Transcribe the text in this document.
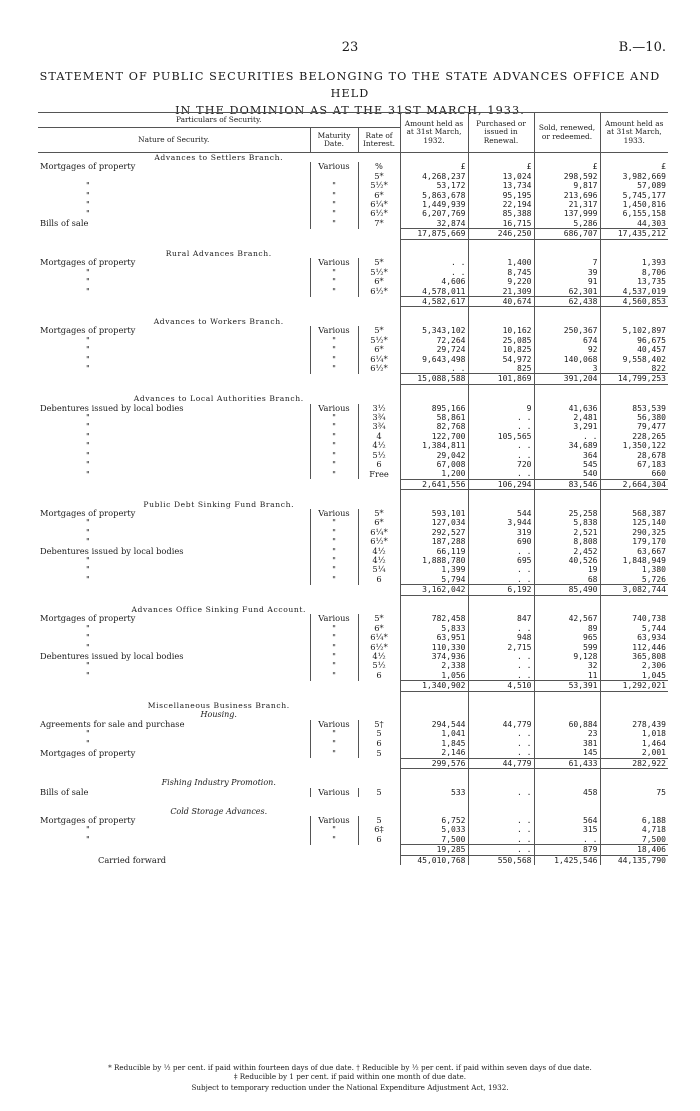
23	B.—10.
STATEMENT OF PUBLIC SECURITIES BELONGING TO THE STATE ADVANCES OFFICE AND HELD
IN THE DOMINION AS AT THE 31ST MARCH, 1933.
Particulars of Security.			Amount held as at 31st March, 1932.	Purchased or issued in Renewal.	Sold, renewed, or redeemed.	Amount held as at 31st March, 1933.
Nature of Security.	Maturity Date.	Rate of Interest.				
Advances to Settlers Branch.						
Mortgages of property	Various	%	£	£	£	£
		5*	4,268,237	13,024	298,592	3,982,669
"	"	5½*	53,172	13,734	9,817	57,089
"	"	6*	5,863,678	95,195	213,696	5,745,177
"	"	6¼*	1,449,939	22,194	21,317	1,450,816
"	"	6½*	6,207,769	85,388	137,999	6,155,158
Bills of sale	"	7*	32,874	16,715	5,286	44,303
			17,875,669	246,250	686,707	17,435,212

Rural Advances Branch.						
Mortgages of property	Various	5*	. .	1,400	7	1,393
"	"	5½*	. .	8,745	39	8,706
"	"	6*	4,606	9,220	91	13,735
"	"	6½*	4,578,011	21,309	62,301	4,537,019
			4,582,617	40,674	62,438	4,560,853

Advances to Workers Branch.						
Mortgages of property	Various	5*	5,343,102	10,162	250,367	5,102,897
"	"	5½*	72,264	25,085	674	96,675
"	"	6*	29,724	10,825	92	40,457
"	"	6¼*	9,643,498	54,972	140,068	9,558,402
"	"	6½*	. .	825	3	822
			15,088,588	101,869	391,204	14,799,253

Advances to Local Authorities Branch.						
Debentures issued by local bodies	Various	3½	895,166	9	41,636	853,539
"	"	3¾	58,861	. .	2,481	56,380
"	"	3¾	82,768	. .	3,291	79,477
"	"	4	122,700	105,565	. .	228,265
"	"	4½	1,384,811	. .	34,689	1,350,122
"	"	5½	29,042	. .	364	28,678
"	"	6	67,008	720	545	67,183
"	"	Free	1,200	. .	540	660
			2,641,556	106,294	83,546	2,664,304

Public Debt Sinking Fund Branch.						
Mortgages of property	Various	5*	593,101	544	25,258	568,387
"	"	6*	127,034	3,944	5,838	125,140
"	"	6¼*	292,527	319	2,521	290,325
"	"	6½*	187,288	690	8,808	179,170
Debentures issued by local bodies	"	4½	66,119	. .	2,452	63,667
"	"	4½	1,888,780	695	40,526	1,848,949
"	"	5¼	1,399	. .	19	1,380
"	"	6	5,794	. .	68	5,726
			3,162,042	6,192	85,490	3,082,744

Advances Office Sinking Fund Account.						
Mortgages of property	Various	5*	782,458	847	42,567	740,738
"	"	6*	5,833	. .	89	5,744
"	"	6¼*	63,951	948	965	63,934
"	"	6½*	110,330	2,715	599	112,446
Debentures issued by local bodies	"	4½	374,936	. .	9,128	365,808
"	"	5½	2,338	. .	32	2,306
"	"	6	1,056	. .	11	1,045
			1,340,902	4,510	53,391	1,292,021

Miscellaneous Business Branch.						
Housing.						
Agreements for sale and purchase	Various	5†	294,544	44,779	60,884	278,439
"	"	5	1,041	. .	23	1,018
"	"	6	1,845	. .	381	1,464
Mortgages of property	"	5	2,146	. .	145	2,001
			299,576	44,779	61,433	282,922

Fishing Industry Promotion.						
Bills of sale	Various	5	533	. .	458	75

Cold Storage Advances.						
Mortgages of property	Various	5	6,752	. .	564	6,188
"	"	6‡	5,033	. .	315	4,718
"	"	6	7,500	. .	. .	7,500
			19,285	. .	879	18,406
Carried forward			45,010,768	550,568	1,425,546	44,135,790
* Reducible by ½ per cent. if paid within fourteen days of due date. † Reducible by ½ per cent. if paid within seven days of due date.
‡ Reducible by 1 per cent. if paid within one month of due date.
Subject to temporary reduction under the National Expenditure Adjustment Act, 1932.
